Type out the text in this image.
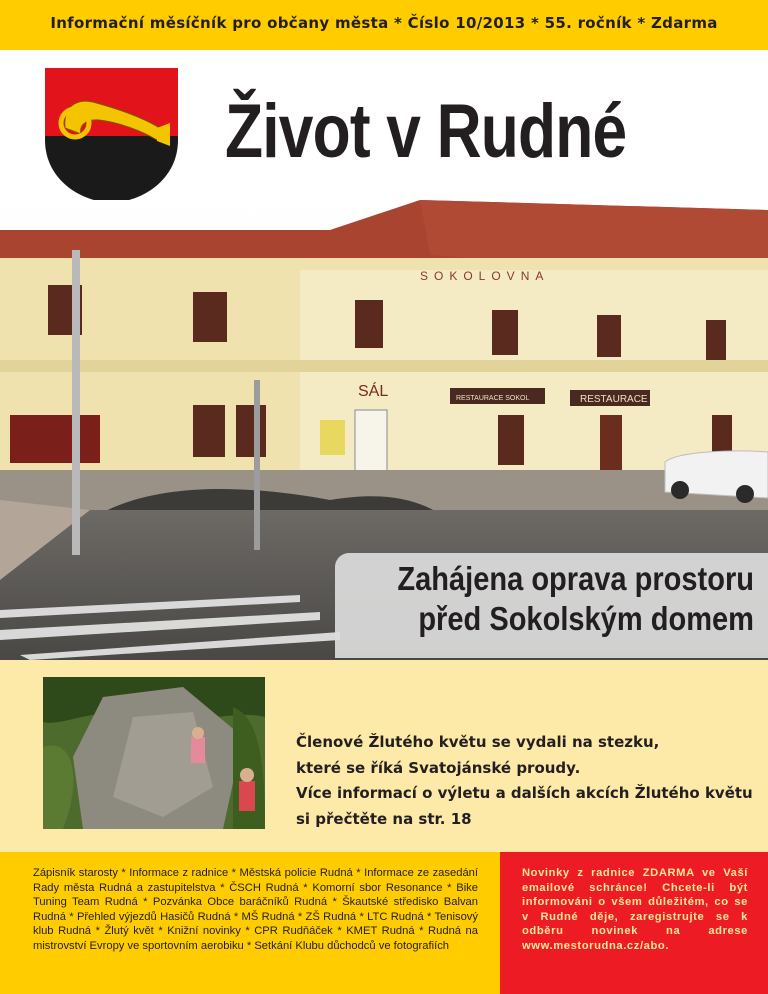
Informační měsíčník pro občany města * Číslo 10/2013 * 55. ročník * Zdarma
Život v Rudné
SOKOLOVNA
SÁL	RESTAURACE SOKOL	RESTAURACE
Zahájena oprava prostoru
před Sokolským domem
Členové Žlutého květu se vydali na stezku,
které se říká Svatojánské proudy.
Více informací o výletu a dalších akcích Žlutého květu
si přečtěte na str. 18

Zápisník starosty * Informace z radnice * Městská policie Rudná * Informace ze zasedání Rady města Rudná a zastupitelstva * ČSCH Rudná * Komorní sbor Resonance * Bike Tuning Team Rudná * Pozvánka Obce baráčníků Rudná * Škautské středisko Balvan Rudná * Přehled výjezdů Hasičů Rudná * MŠ Rudná * ZŠ Rudná * LTC Rudná * Tenisový klub Rudná * Žlutý květ * Knižní novinky * CPR Rudňáček * KMET Rudná * Rudná na mistrovství Evropy ve sportovním aerobiku * Setkání Klubu důchodců ve fotografiích

Novinky z radnice ZDARMA ve Vaší emailové schránce! Chcete-li být informováni o všem důležitém, co se v Rudné děje, zaregistrujte se k odběru novinek na adrese www.mestorudna.cz/abo.
